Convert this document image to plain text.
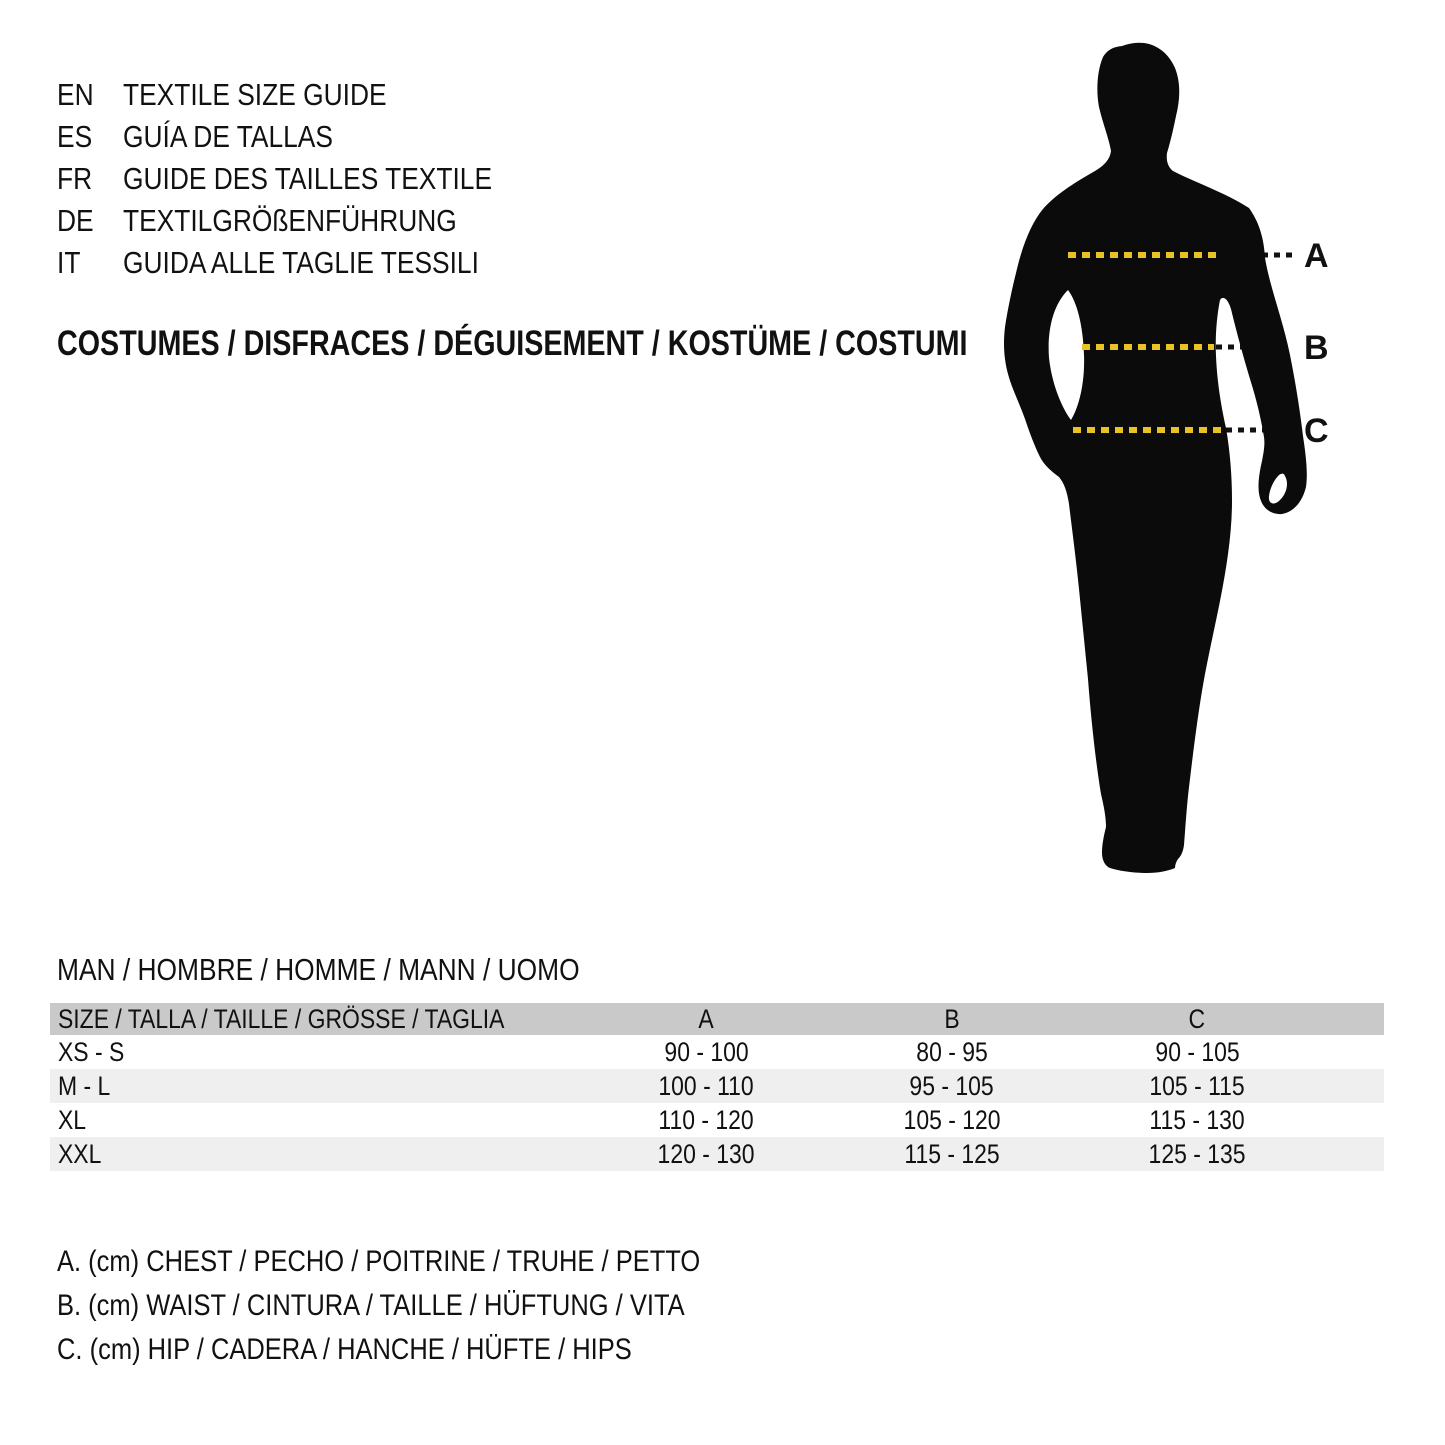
EN TEXTILE SIZE GUIDE
ES GUÍA DE TALLAS
FR GUIDE DES TAILLES TEXTILE
DE TEXTILGRÖßENFÜHRUNG
IT	GUIDA ALLE TAGLIE TESSILI
COSTUMES / DISFRACES / DÉGUISEMENT / KOSTÜME / COSTUMI
A
B
C
MAN / HOMBRE / HOMME / MANN / UOMO
SIZE / TALLA / TAILLE / GRÖSSE / TAGLIA	A	B	C	
XS - S	90 - 100	80 - 95	90 - 105	
M - L	100 - 110	95 - 105	105 - 115	
XL	110 - 120	105 - 120	115 - 130	
XXL	120 - 130	115 - 125	125 - 135	
A. (cm) CHEST / PECHO / POITRINE / TRUHE / PETTO
B. (cm) WAIST / CINTURA / TAILLE / HÜFTUNG / VITA
C. (cm) HIP / CADERA / HANCHE / HÜFTE / HIPS
